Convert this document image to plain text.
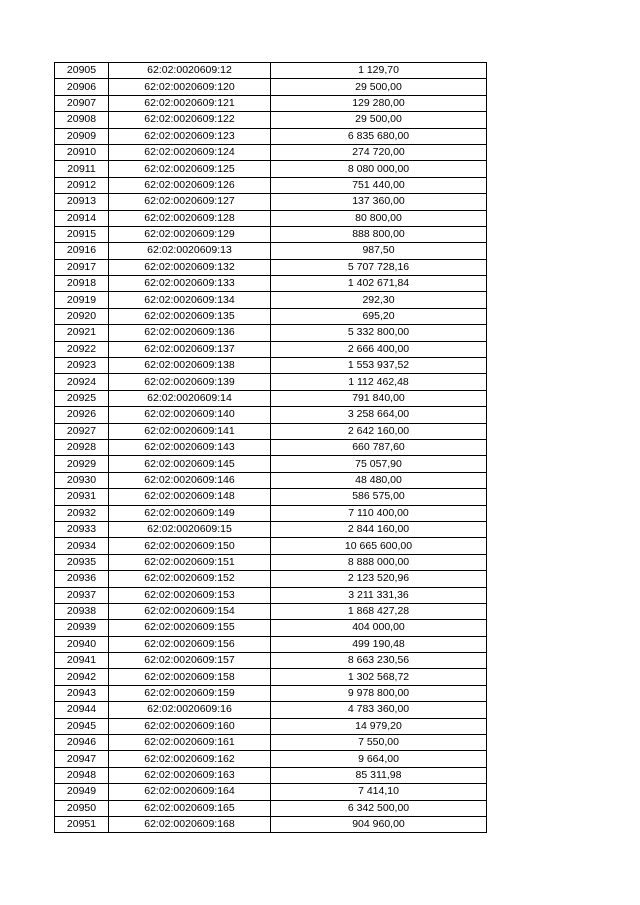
20905	62:02:0020609:12	1 129,70
20906	62:02:0020609:120	29 500,00
20907	62:02:0020609:121	129 280,00
20908	62:02:0020609:122	29 500,00
20909	62:02:0020609:123	6 835 680,00
20910	62:02:0020609:124	274 720,00
20911	62:02:0020609:125	8 080 000,00
20912	62:02:0020609:126	751 440,00
20913	62:02:0020609:127	137 360,00
20914	62:02:0020609:128	80 800,00
20915	62:02:0020609:129	888 800,00
20916	62:02:0020609:13	987,50
20917	62:02:0020609:132	5 707 728,16
20918	62:02:0020609:133	1 402 671,84
20919	62:02:0020609:134	292,30
20920	62:02:0020609:135	695,20
20921	62:02:0020609:136	5 332 800,00
20922	62:02:0020609:137	2 666 400,00
20923	62:02:0020609:138	1 553 937,52
20924	62:02:0020609:139	1 112 462,48
20925	62:02:0020609:14	791 840,00
20926	62:02:0020609:140	3 258 664,00
20927	62:02:0020609:141	2 642 160,00
20928	62:02:0020609:143	660 787,60
20929	62:02:0020609:145	75 057,90
20930	62:02:0020609:146	48 480,00
20931	62:02:0020609:148	586 575,00
20932	62:02:0020609:149	7 110 400,00
20933	62:02:0020609:15	2 844 160,00
20934	62:02:0020609:150	10 665 600,00
20935	62:02:0020609:151	8 888 000,00
20936	62:02:0020609:152	2 123 520,96
20937	62:02:0020609:153	3 211 331,36
20938	62:02:0020609:154	1 868 427,28
20939	62:02:0020609:155	404 000,00
20940	62:02:0020609:156	499 190,48
20941	62:02:0020609:157	8 663 230,56
20942	62:02:0020609:158	1 302 568,72
20943	62:02:0020609:159	9 978 800,00
20944	62:02:0020609:16	4 783 360,00
20945	62:02:0020609:160	14 979,20
20946	62:02:0020609:161	7 550,00
20947	62:02:0020609:162	9 664,00
20948	62:02:0020609:163	85 311,98
20949	62:02:0020609:164	7 414,10
20950	62:02:0020609:165	6 342 500,00
20951	62:02:0020609:168	904 960,00
